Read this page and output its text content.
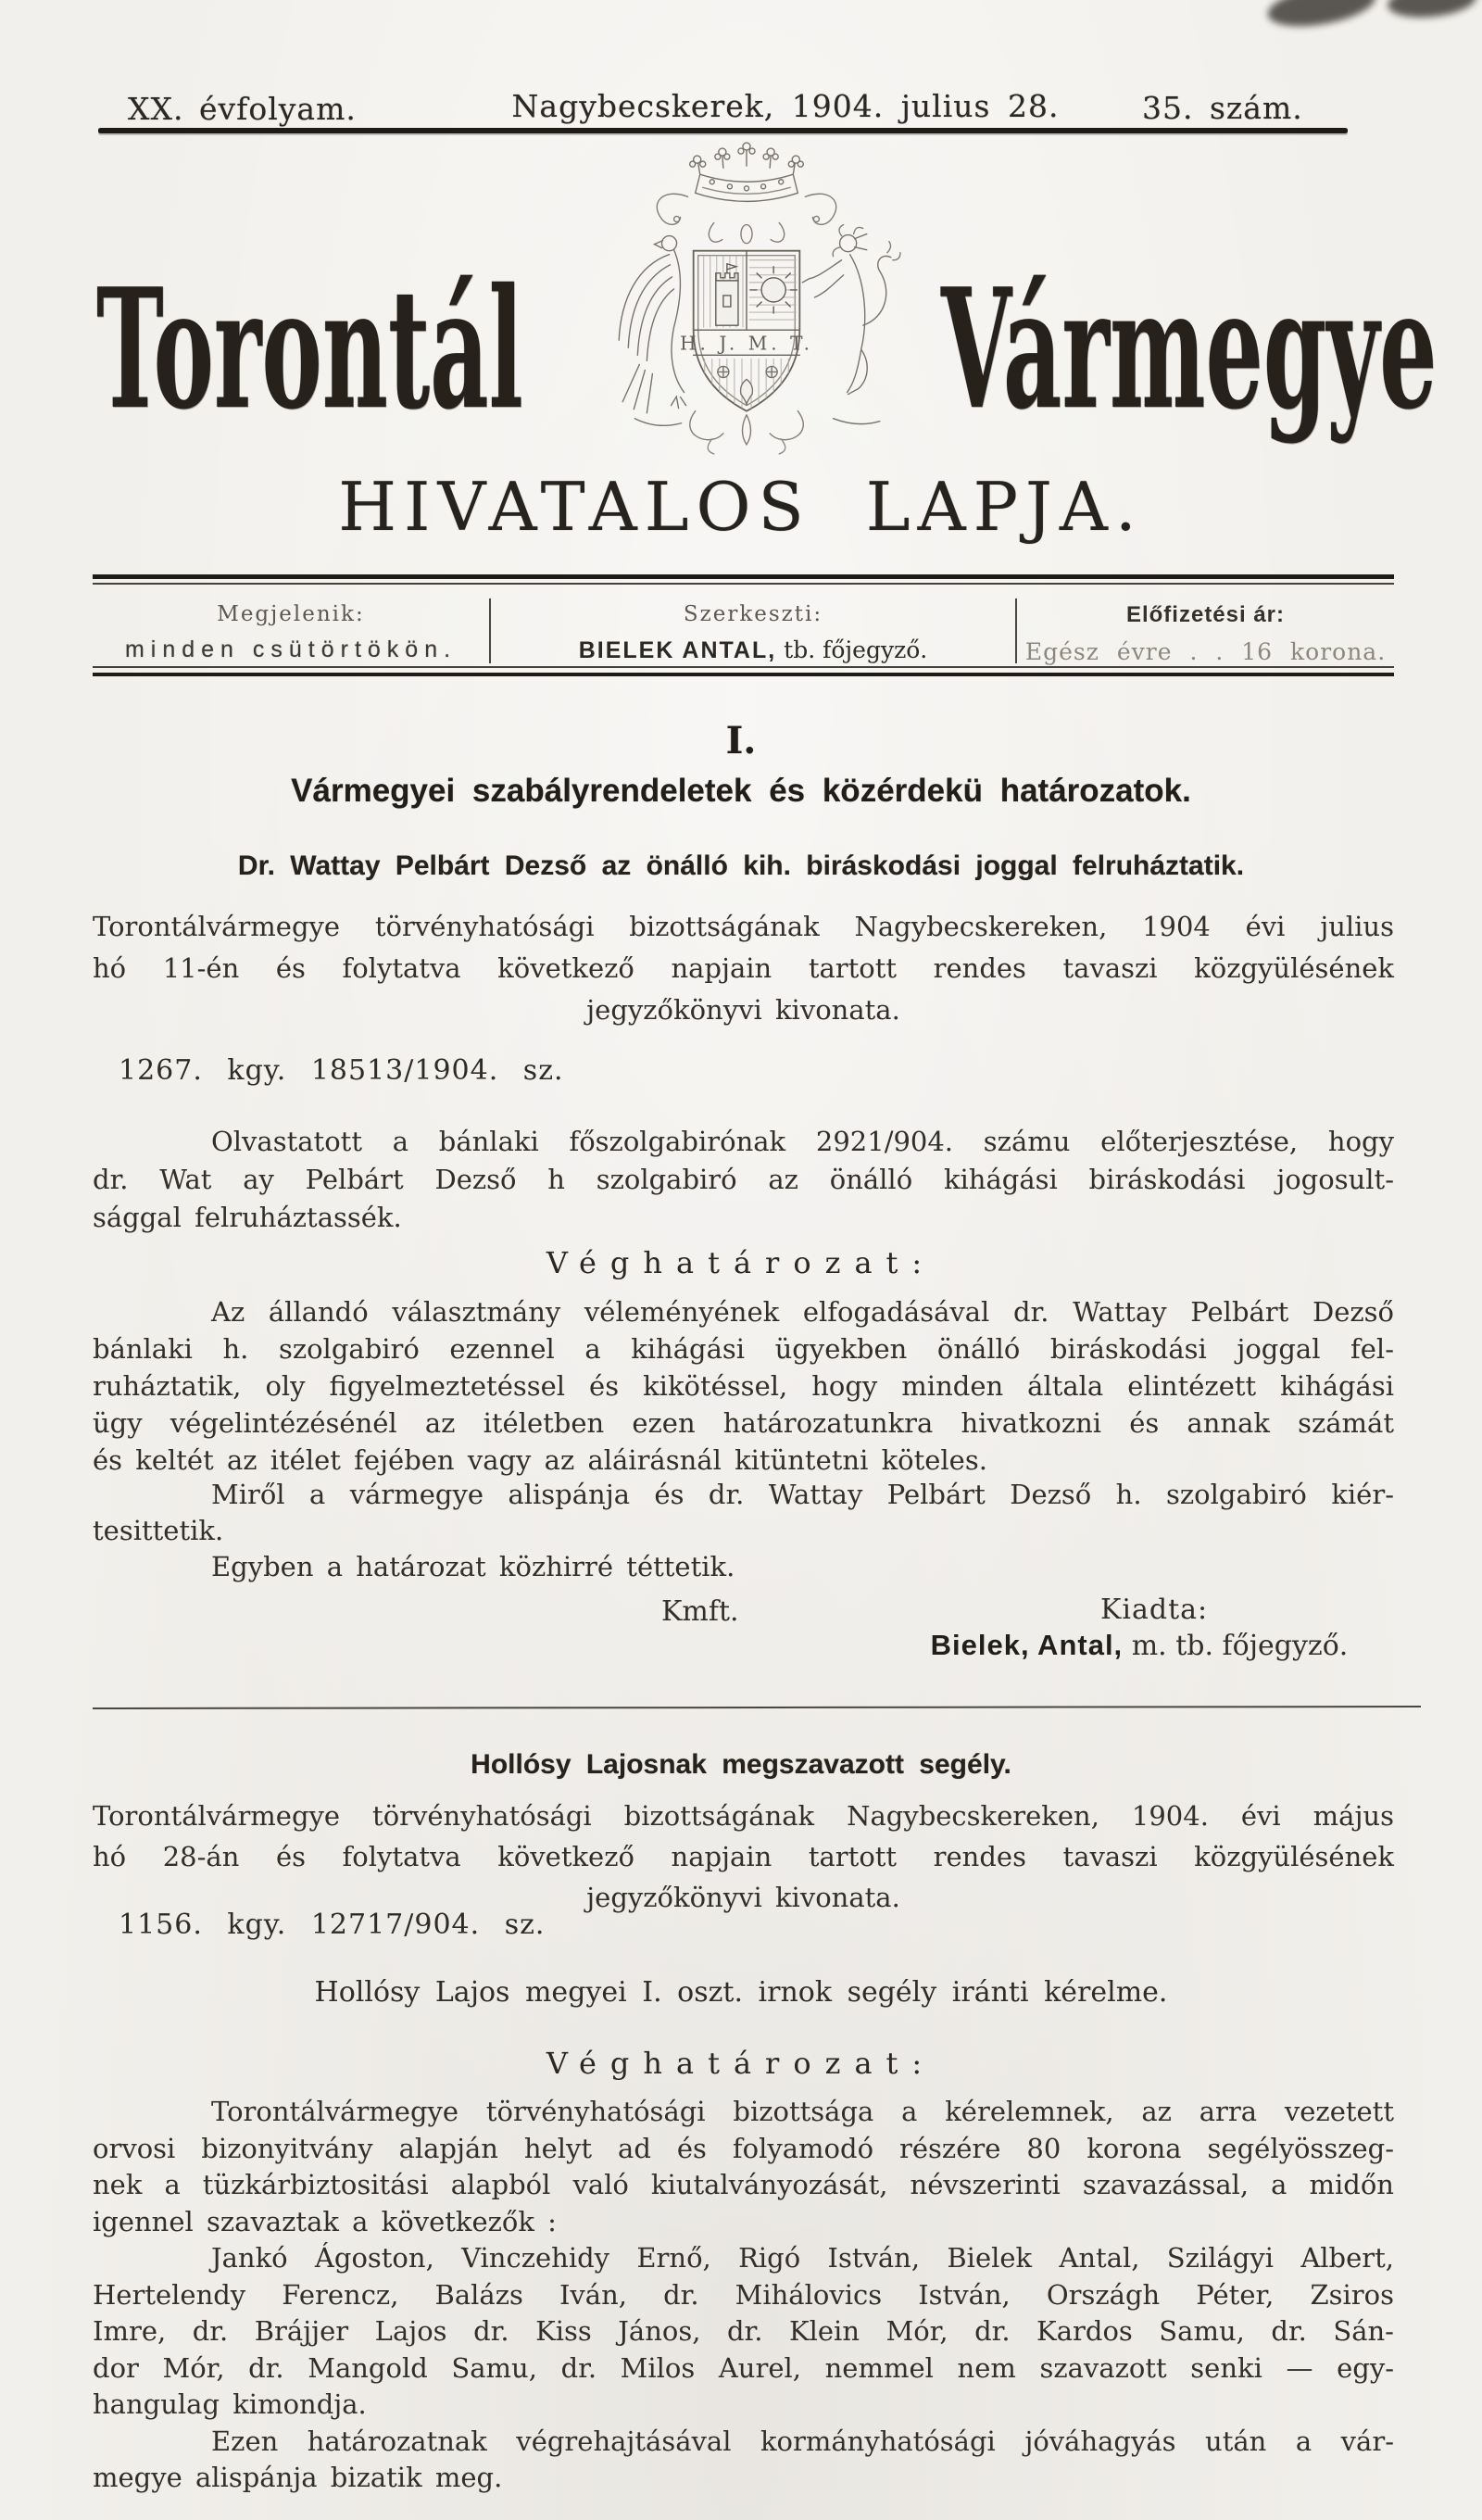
XX. évfolyam.	Nagybecskerek, 1904. julius 28.	35. szám.
Torontál	Vármegye
H. J. M. T.
HIVATALOS LAPJA.
Megjelenik:
minden csütörtökön.
Szerkeszti:
BIELEK ANTAL, tb. főjegyző.
Előfizetési ár:
Egész évre . . 16 korona.
I.
Vármegyei szabályrendeletek és közérdekü határozatok.
Dr. Wattay Pelbárt Dezső az önálló kih. biráskodási joggal felruháztatik.
Torontálvármegye törvényhatósági bizottságának Nagybecskereken, 1904 évi julius
hó 11-én és folytatva következő napjain tartott rendes tavaszi közgyülésének
jegyzőkönyvi kivonata.
1267. kgy. 18513/1904. sz.
Olvastatott a bánlaki főszolgabirónak 2921/904. számu előterjesztése, hogy
dr. Wat ay Pelbárt Dezső h szolgabiró az önálló kihágási biráskodási jogosult-
sággal felruháztassék.
Véghatározat:
Az állandó választmány véleményének elfogadásával dr. Wattay Pelbárt Dezső
bánlaki h. szolgabiró ezennel a kihágási ügyekben önálló biráskodási joggal fel-
ruháztatik, oly figyelmeztetéssel és kikötéssel, hogy minden általa elintézett kihágási
ügy végelintézésénél az itéletben ezen határozatunkra hivatkozni és annak számát
és keltét az itélet fejében vagy az aláirásnál kitüntetni köteles.
Miről a vármegye alispánja és dr. Wattay Pelbárt Dezső h. szolgabiró kiér-
tesittetik.
Egyben a határozat közhirré téttetik.
Kmft.	Kiadta:
Bielek, Antal, m. tb. főjegyző.
Hollósy Lajosnak megszavazott segély.
Torontálvármegye törvényhatósági bizottságának Nagybecskereken, 1904. évi május
hó 28-án és folytatva következő napjain tartott rendes tavaszi közgyülésének
jegyzőkönyvi kivonata.
1156. kgy. 12717/904. sz.
Hollósy Lajos megyei I. oszt. irnok segély iránti kérelme.
Véghatározat:
Torontálvármegye törvényhatósági bizottsága a kérelemnek, az arra vezetett
orvosi bizonyitvány alapján helyt ad és folyamodó részére 80 korona segélyösszeg-
nek a tüzkárbiztositási alapból való kiutalványozását, névszerinti szavazással, a midőn
igennel szavaztak a következők :
Jankó Ágoston, Vinczehidy Ernő, Rigó István, Bielek Antal, Szilágyi Albert,
Hertelendy Ferencz, Balázs Iván, dr. Mihálovics István, Országh Péter, Zsiros
Imre, dr. Brájjer Lajos dr. Kiss János, dr. Klein Mór, dr. Kardos Samu, dr. Sán-
dor Mór, dr. Mangold Samu, dr. Milos Aurel, nemmel nem szavazott senki — egy-
hangulag kimondja.
Ezen határozatnak végrehajtásával kormányhatósági jóváhagyás után a vár-
megye alispánja bizatik meg.
